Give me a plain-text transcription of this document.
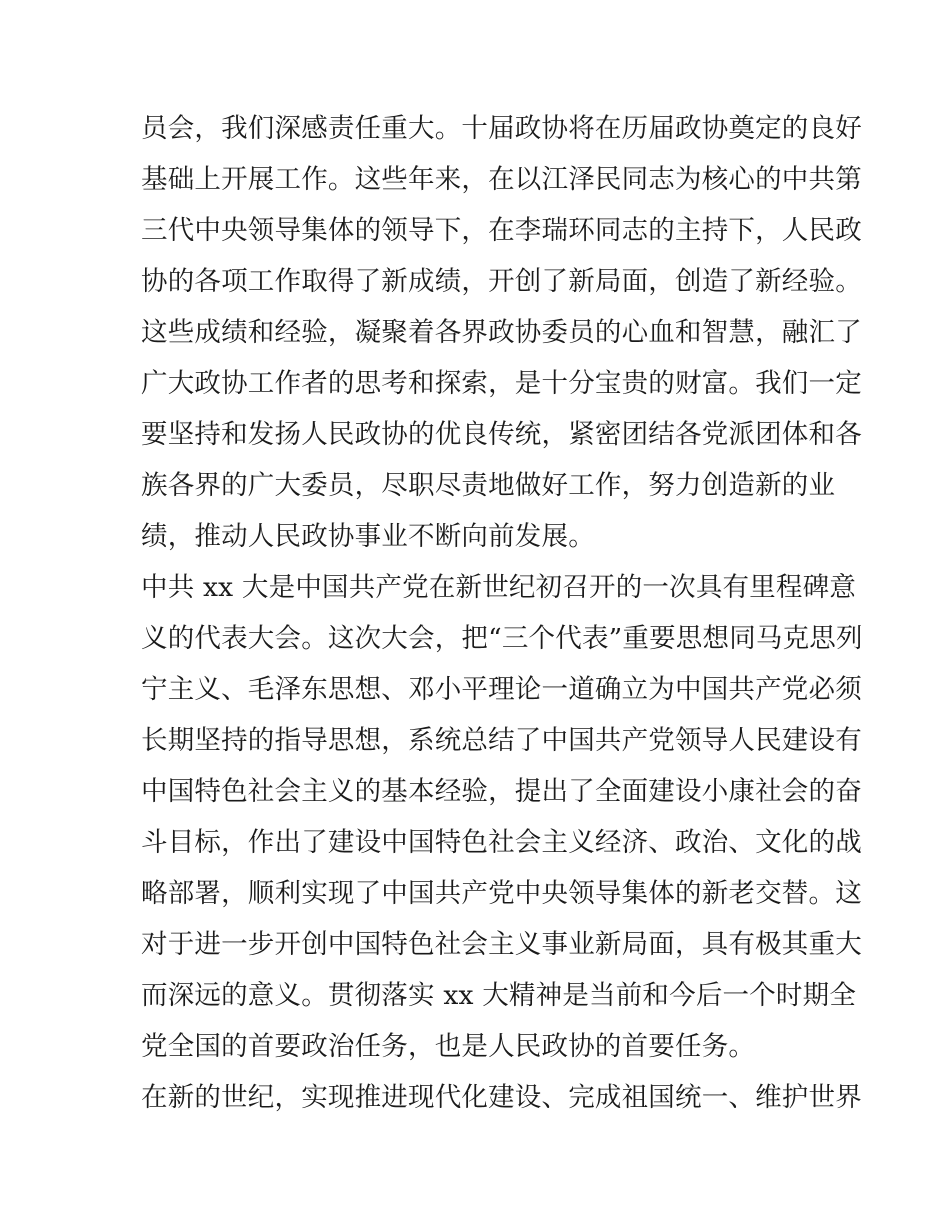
员会，我们深感责任重大。十届政协将在历届政协奠定的良好
基础上开展工作。这些年来，在以江泽民同志为核心的中共第
三代中央领导集体的领导下，在李瑞环同志的主持下，人民政
协的各项工作取得了新成绩，开创了新局面，创造了新经验。
这些成绩和经验，凝聚着各界政协委员的心血和智慧，融汇了
广大政协工作者的思考和探索，是十分宝贵的财富。我们一定
要坚持和发扬人民政协的优良传统，紧密团结各党派团体和各
族各界的广大委员，尽职尽责地做好工作，努力创造新的业
绩，推动人民政协事业不断向前发展。
中共 xx 大是中国共产党在新世纪初召开的一次具有里程碑意
义的代表大会。这次大会，把“三个代表”重要思想同马克思列
宁主义、毛泽东思想、邓小平理论一道确立为中国共产党必须
长期坚持的指导思想，系统总结了中国共产党领导人民建设有
中国特色社会主义的基本经验，提出了全面建设小康社会的奋
斗目标，作出了建设中国特色社会主义经济、政治、文化的战
略部署，顺利实现了中国共产党中央领导集体的新老交替。这
对于进一步开创中国特色社会主义事业新局面，具有极其重大
而深远的意义。贯彻落实 xx 大精神是当前和今后一个时期全
党全国的首要政治任务，也是人民政协的首要任务。
在新的世纪，实现推进现代化建设、完成祖国统一、维护世界
